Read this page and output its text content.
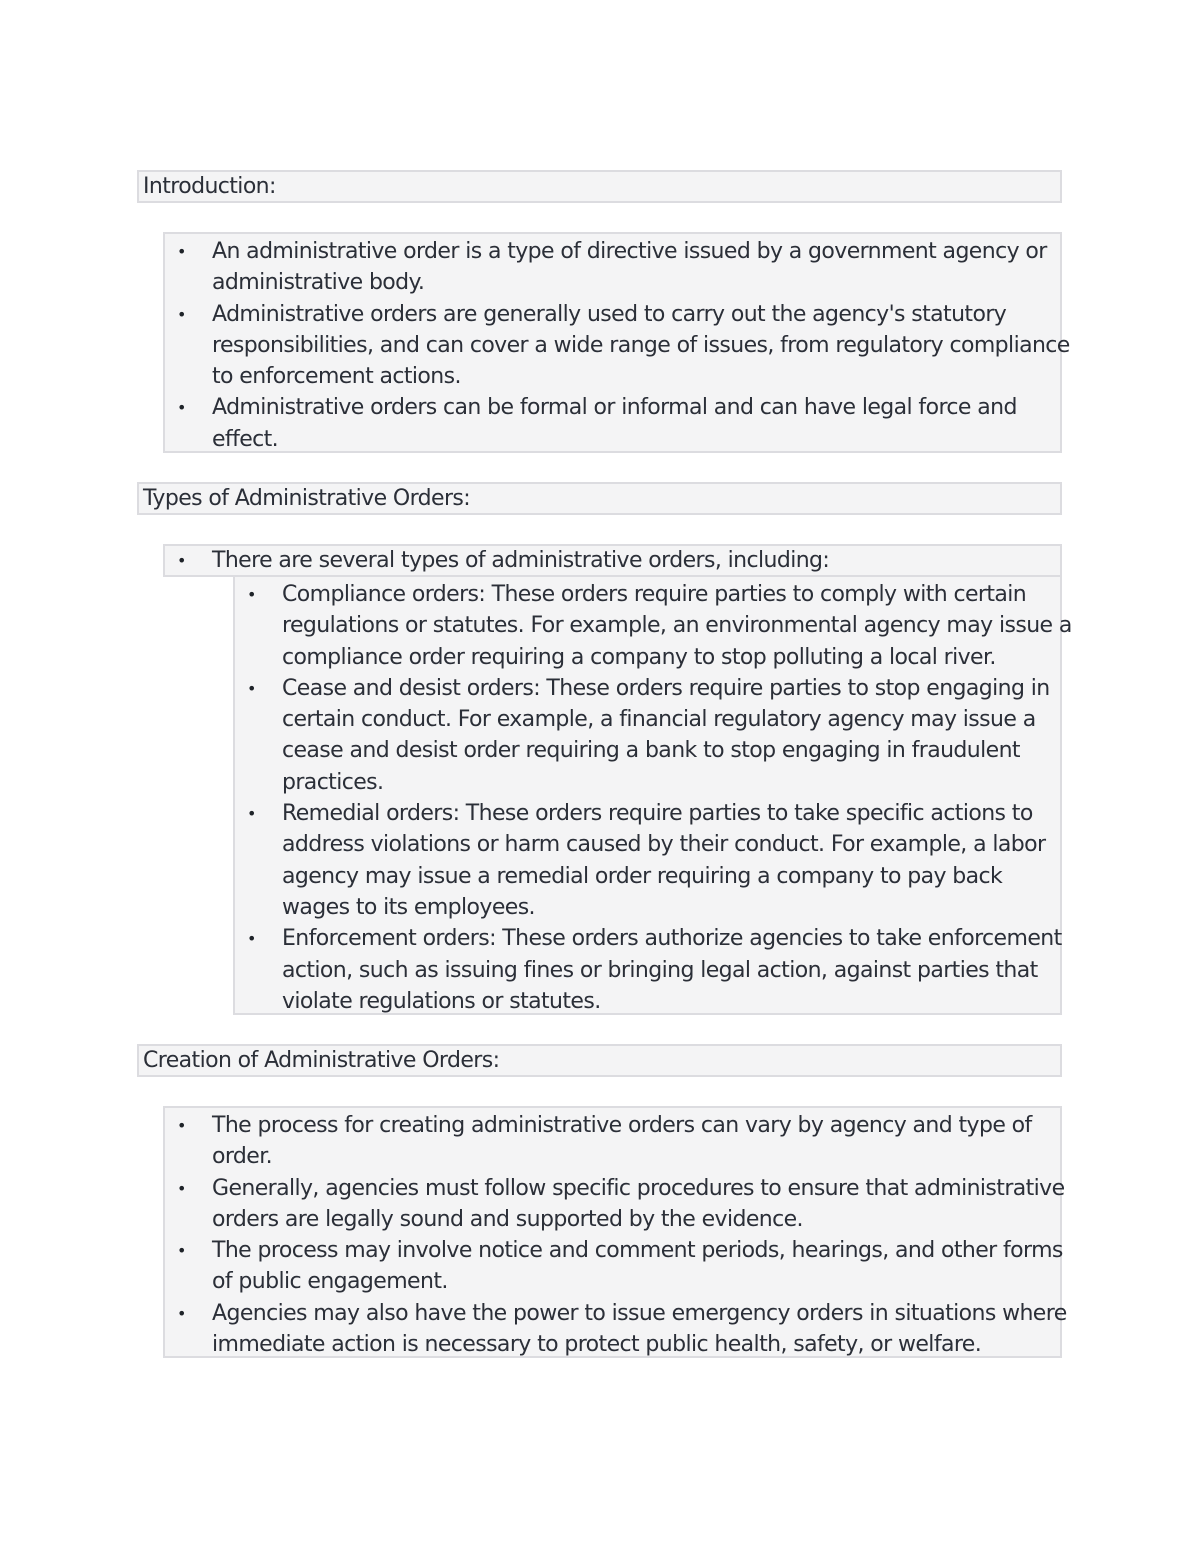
Introduction:
• An administrative order is a type of directive issued by a government agency or
administrative body.
• Administrative orders are generally used to carry out the agency's statutory
responsibilities, and can cover a wide range of issues, from regulatory compliance
to enforcement actions.
• Administrative orders can be formal or informal and can have legal force and
effect.
Types of Administrative Orders:
• There are several types of administrative orders, including:
• Compliance orders: These orders require parties to comply with certain
regulations or statutes. For example, an environmental agency may issue a
compliance order requiring a company to stop polluting a local river.
• Cease and desist orders: These orders require parties to stop engaging in
certain conduct. For example, a financial regulatory agency may issue a
cease and desist order requiring a bank to stop engaging in fraudulent
practices.
• Remedial orders: These orders require parties to take specific actions to
address violations or harm caused by their conduct. For example, a labor
agency may issue a remedial order requiring a company to pay back
wages to its employees.
• Enforcement orders: These orders authorize agencies to take enforcement
action, such as issuing fines or bringing legal action, against parties that
violate regulations or statutes.
Creation of Administrative Orders:
• The process for creating administrative orders can vary by agency and type of
order.
• Generally, agencies must follow specific procedures to ensure that administrative
orders are legally sound and supported by the evidence.
• The process may involve notice and comment periods, hearings, and other forms
of public engagement.
• Agencies may also have the power to issue emergency orders in situations where
immediate action is necessary to protect public health, safety, or welfare.
